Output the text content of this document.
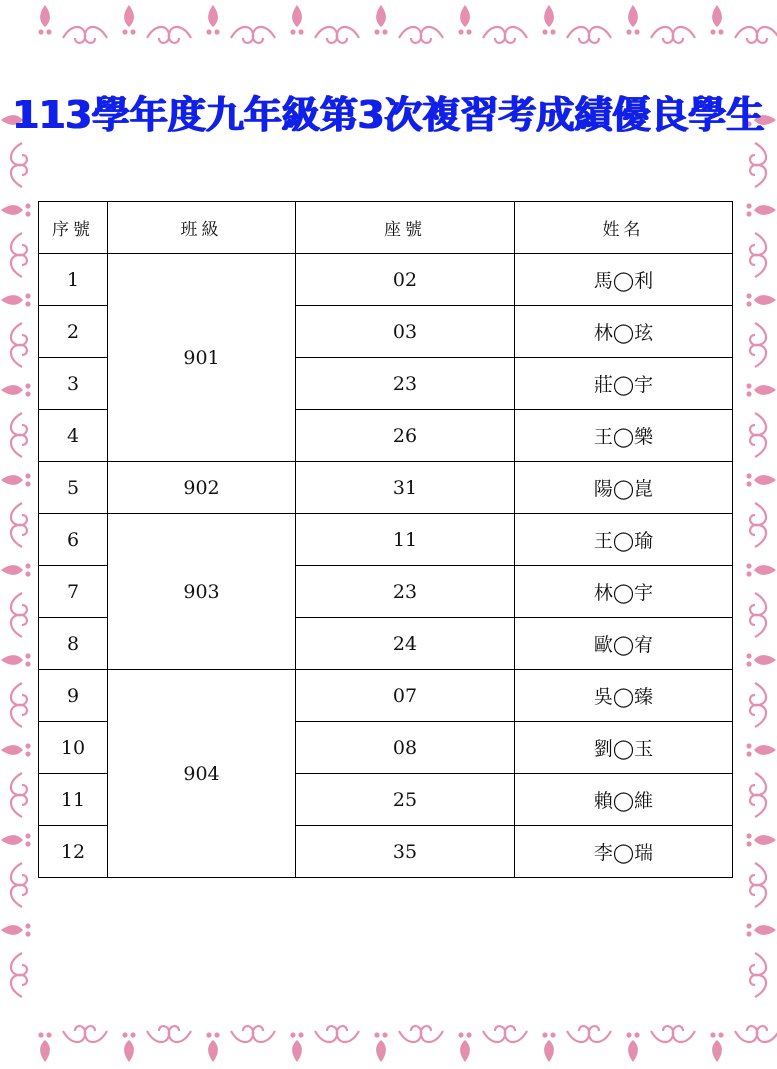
113學年度九年級第3次複習考成績優良學生
序號	班級	座號	姓名
1	901	02	馬◯利
2		03	林◯玹
3		23	莊◯宇
4		26	王◯樂
5	902	31	陽◯崑
6	903	11	王◯瑜
7		23	林◯宇
8		24	歐◯宥
9	904	07	吳◯臻
10		08	劉◯玉
11		25	賴◯維
12		35	李◯瑞
